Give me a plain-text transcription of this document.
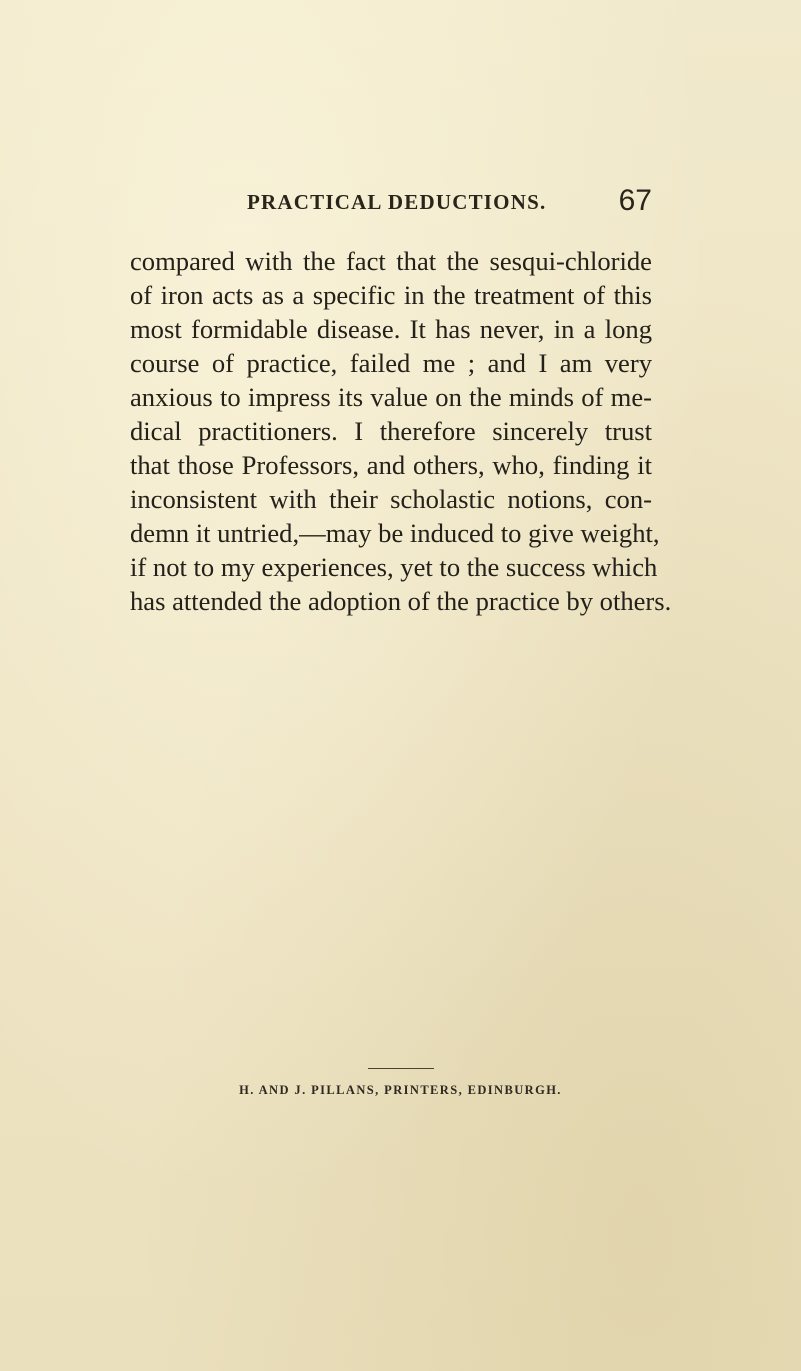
PRACTICAL DEDUCTIONS. 67
compared with the fact that the sesqui-chloride
of iron acts as a specific in the treatment of this
most formidable disease. It has never, in a long
course of practice, failed me ; and I am very
anxious to impress its value on the minds of me-
dical practitioners. I therefore sincerely trust
that those Professors, and others, who, finding it
inconsistent with their scholastic notions, con-
demn it untried,—may be induced to give weight,
if not to my experiences, yet to the success which
has attended the adoption of the practice by others.
H. AND J. PILLANS, PRINTERS, EDINBURGH.
